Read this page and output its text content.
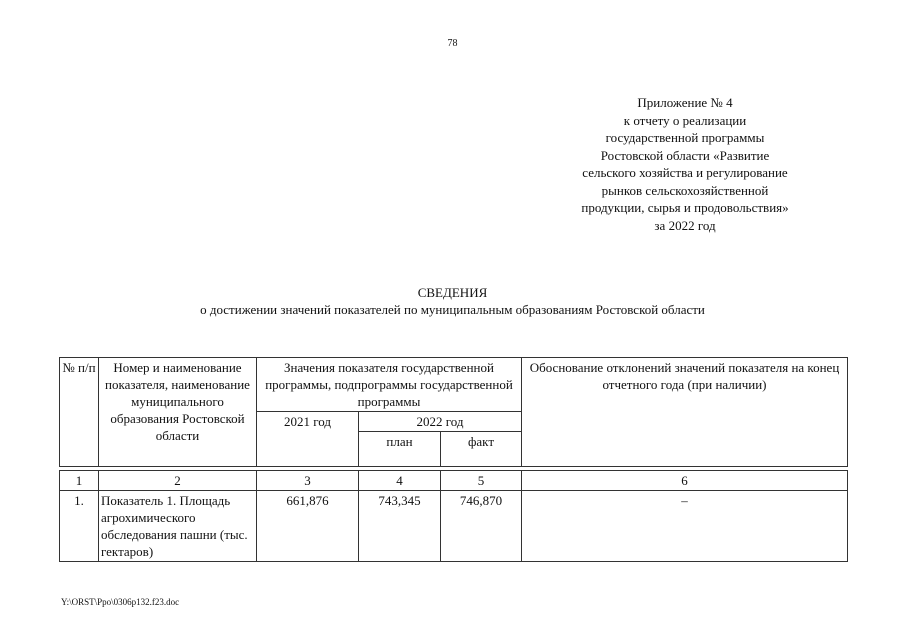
78
Приложение № 4
к отчету о реализации
государственной программы
Ростовской области «Развитие
сельского хозяйства и регулирование
рынков сельскохозяйственной
продукции, сырья и продовольствия»
за 2022 год
СВЕДЕНИЯ
о достижении значений показателей по муниципальным образованиям Ростовской области
№ п/п	Номер и наименование показателя, наименование муниципального образования Ростовской области	Значения показателя государственной программы, подпрограммы государственной программы			Обоснование отклонений значений показателя на конец отчетного года (при наличии)
		2021 год	2022 год		
			план	факт	

1	2	3	4	5	6
1.	Показатель 1. Площадь агрохимического обследования пашни (тыс. гектаров)	661,876	743,345	746,870	–
Y:\ORST\Ppo\0306p132.f23.doc
